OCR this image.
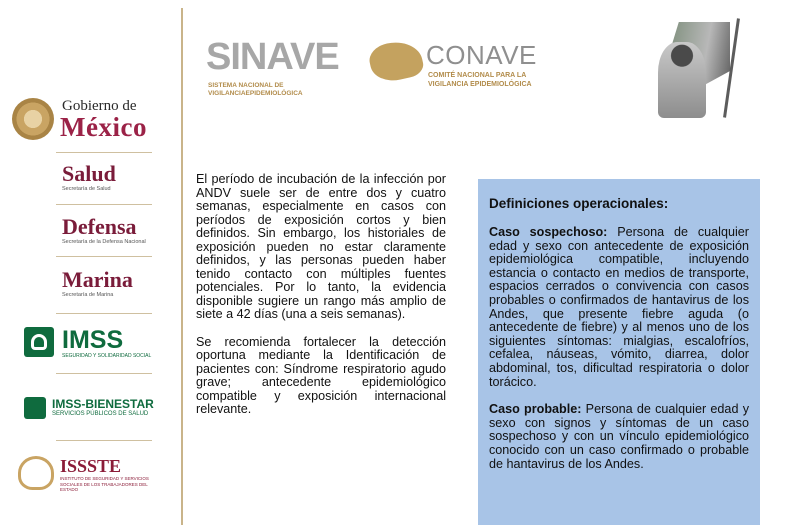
Gobierno de
México
Salud
Secretaría de Salud
Defensa
Secretaría de la Defensa Nacional
Marina
Secretaría de Marina
IMSS
SEGURIDAD Y SOLIDARIDAD SOCIAL
IMSS-BIENESTAR
SERVICIOS PÚBLICOS DE SALUD
ISSSTE
INSTITUTO DE SEGURIDAD Y SERVICIOS SOCIALES DE LOS TRABAJADORES DEL ESTADO
SINAVE
SISTEMA NACIONAL DE
VIGILANCIAEPIDEMIOLÓGICA
CONAVE
COMITÉ NACIONAL PARA LA
VIGILANCIA EPIDEMIOLÓGICA

El período de incubación de la infección por ANDV suele ser de entre dos y cuatro semanas, especialmente en casos con períodos de exposición cortos y bien definidos. Sin embargo, los historiales de exposición pueden no estar claramente definidos, y las personas pueden haber tenido contacto con múltiples fuentes potenciales. Por lo tanto, la evidencia disponible sugiere un rango más amplio de siete a 42 días (una a seis semanas).

Se recomienda fortalecer la detección oportuna mediante la Identificación de pacientes con: Síndrome respiratorio agudo grave; antecedente epidemiológico compatible y exposición internacional relevante.

Definiciones operacionales:

Caso sospechoso: Persona de cualquier edad y sexo con antecedente de exposición epidemiológica compatible, incluyendo estancia o contacto en medios de transporte, espacios cerrados o convivencia con casos probables o confirmados de hantavirus de los Andes, que presente fiebre aguda (o antecedente de fiebre) y al menos uno de los siguientes síntomas: mialgias, escalofríos, cefalea, náuseas, vómito, diarrea, dolor abdominal, tos, dificultad respiratoria o dolor torácico.

Caso probable: Persona de cualquier edad y sexo con signos y síntomas de un caso sospechoso y con un vínculo epidemiológico conocido con un caso confirmado o probable de hantavirus de los Andes.
